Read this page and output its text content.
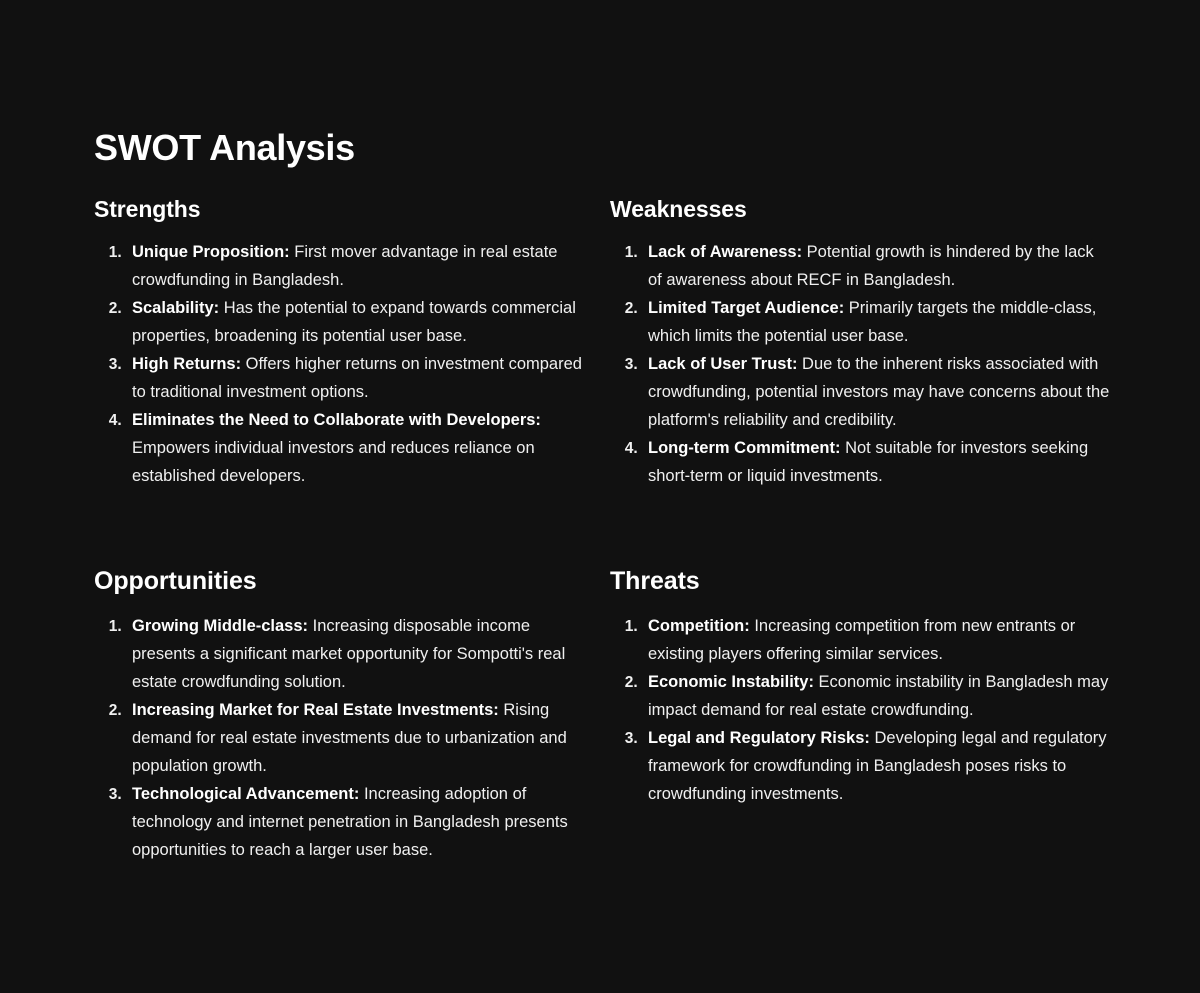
SWOT Analysis
Strengths
1. Unique Proposition: First mover advantage in real estate crowdfunding in Bangladesh.
2. Scalability: Has the potential to expand towards commercial properties, broadening its potential user base.
3. High Returns: Offers higher returns on investment compared to traditional investment options.
4. Eliminates the Need to Collaborate with Developers: Empowers individual investors and reduces reliance on established developers.
Weaknesses
1. Lack of Awareness: Potential growth is hindered by the lack of awareness about RECF in Bangladesh.
2. Limited Target Audience: Primarily targets the middle-class, which limits the potential user base.
3. Lack of User Trust: Due to the inherent risks associated with crowdfunding, potential investors may have concerns about the platform's reliability and credibility.
4. Long-term Commitment: Not suitable for investors seeking short-term or liquid investments.
Opportunities
1. Growing Middle-class: Increasing disposable income presents a significant market opportunity for Sompotti's real estate crowdfunding solution.
2. Increasing Market for Real Estate Investments: Rising demand for real estate investments due to urbanization and population growth.
3. Technological Advancement: Increasing adoption of technology and internet penetration in Bangladesh presents opportunities to reach a larger user base.
Threats
1. Competition: Increasing competition from new entrants or existing players offering similar services.
2. Economic Instability: Economic instability in Bangladesh may impact demand for real estate crowdfunding.
3. Legal and Regulatory Risks: Developing legal and regulatory framework for crowdfunding in Bangladesh poses risks to crowdfunding investments.
